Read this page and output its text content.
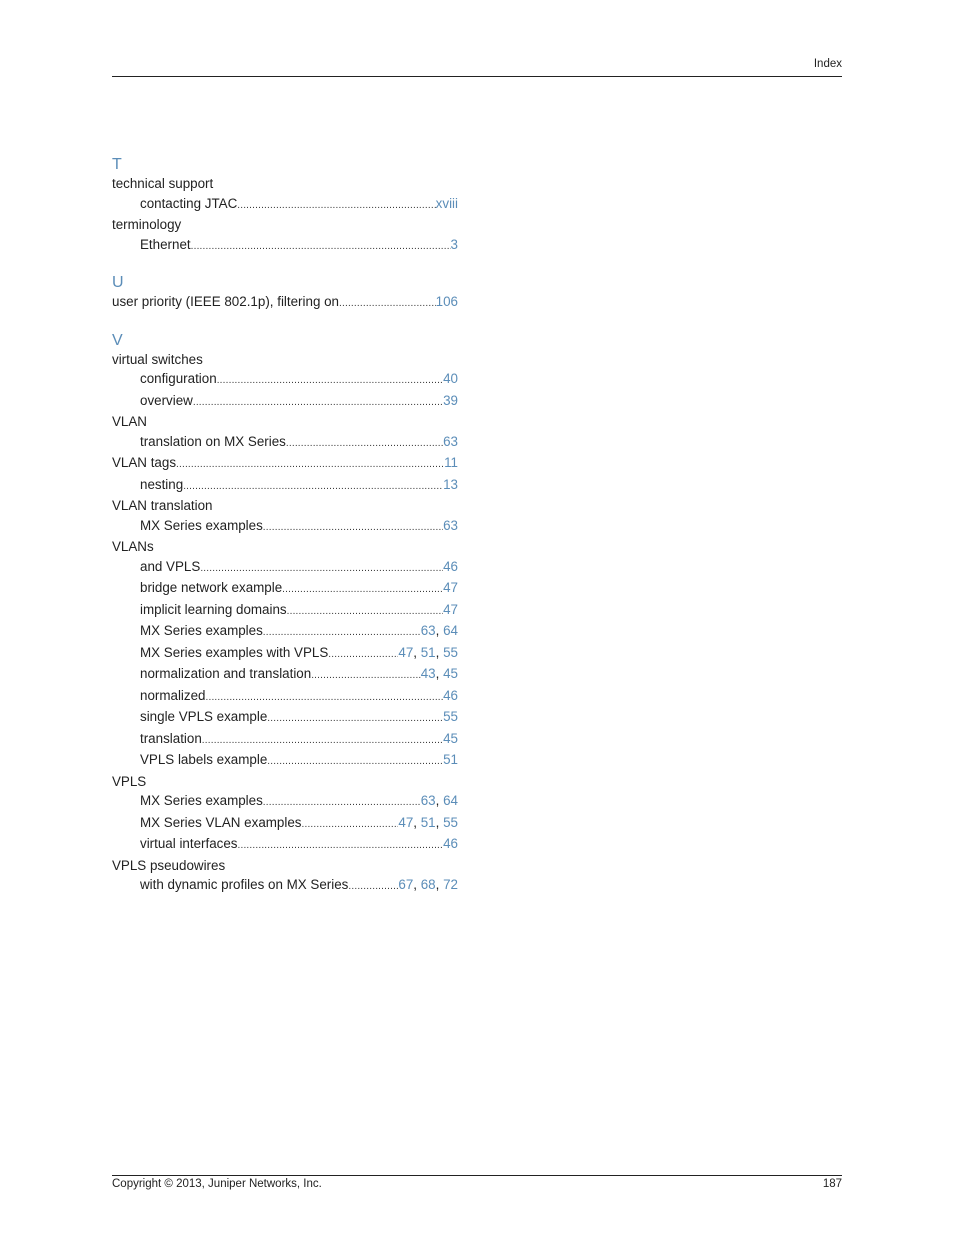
Index
T
technical support
contacting JTAC .....	xviii
terminology
Ethernet .....	3
U
user priority (IEEE 802.1p), filtering on .....	106
V
virtual switches
configuration .....	40
overview .....	39
VLAN
translation on MX Series .....	63
VLAN tags .....	11
nesting .....	13
VLAN translation
MX Series examples .....	63
VLANs
and VPLS .....	46
bridge network example .....	47
implicit learning domains .....	47
MX Series examples .....	63, 64
MX Series examples with VPLS .....	47, 51, 55
normalization and translation .....	43, 45
normalized .....	46
single VPLS example .....	55
translation .....	45
VPLS labels example .....	51
VPLS
MX Series examples .....	63, 64
MX Series VLAN examples .....	47, 51, 55
virtual interfaces .....	46
VPLS pseudowires
with dynamic profiles on MX Series .....	67, 68, 72
Copyright © 2013, Juniper Networks, Inc.	187
